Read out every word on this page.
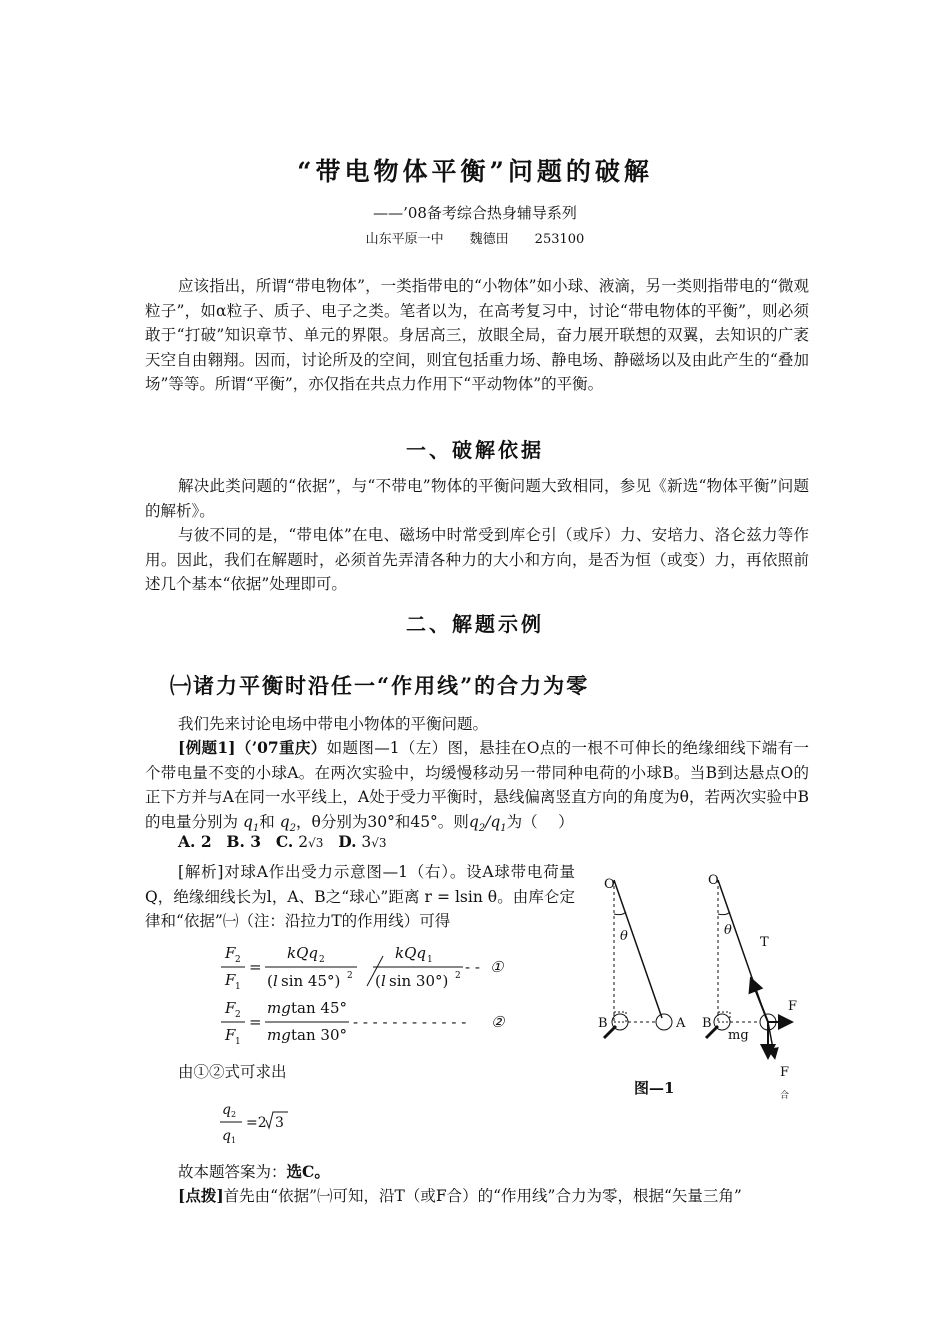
“带电物体平衡”问题的破解
——’08备考综合热身辅导系列
山东平原一中　　魏德田　　253100

应该指出，所谓“带电物体”，一类指带电的“小物体”如小球、液滴，另一类则指带电的“微观粒子”，如α粒子、质子、电子之类。笔者以为，在高考复习中，讨论“带电物体的平衡”，则必须敢于“打破”知识章节、单元的界限。身居高三，放眼全局，奋力展开联想的双翼，去知识的广袤天空自由翱翔。因而，讨论所及的空间，则宜包括重力场、静电场、静磁场以及由此产生的“叠加场”等等。所谓“平衡”，亦仅指在共点力作用下“平动物体”的平衡。

一、破解依据

解决此类问题的“依据”，与“不带电”物体的平衡问题大致相同，参见《新选“物体平衡”问题的解析》。

与彼不同的是，“带电体”在电、磁场中时常受到库仑引（或斥）力、安培力、洛仑兹力等作用。因此，我们在解题时，必须首先弄清各种力的大小和方向，是否为恒（或变）力，再依照前述几个基本“依据”处理即可。

二、解题示例
㈠诸力平衡时沿任一“作用线”的合力为零

我们先来讨论电场中带电小物体的平衡问题。

[例题1]（’07重庆）如题图—1（左）图，悬挂在O点的一根不可伸长的绝缘细线下端有一个带电量不变的小球A。在两次实验中，均缓慢移动另一带同种电荷的小球B。当B到达悬点O的正下方并与A在同一水平线上，A处于受力平衡时，悬线偏离竖直方向的角度为θ，若两次实验中B的电量分别为 $q_1$和 $q_2$，θ分别为30°和45°。则$q_2/q_1$为（　 ）

A. 2 B. 3 C. 2√3 D. 3√3

[解析]对球A作出受力示意图—1（右）。设A球带电荷量Q，绝缘细线长为l，A、B之“球心”距离 r = lsin θ。由库仑定律和“依据”㈠（注：沿拉力T的作用线）可得

F 2
F 1
=
kQq 2
( l sin 45°) 2
kQq 1
( l sin 30°) 2 - - ①
F 2
F 1
=
mg tan 45°
mg tan 30°
- - - - - - - - - - - - ②
由①②式可求出
q 2
q 1
=2 3
故本题答案为：选C。

[点拨]首先由“依据”㈠可知，沿T（或F合）的“作用线”合力为零，根据“矢量三角”

O
θ
B	A
O
θ
T
F
B	A
mg
F
合
图—1
